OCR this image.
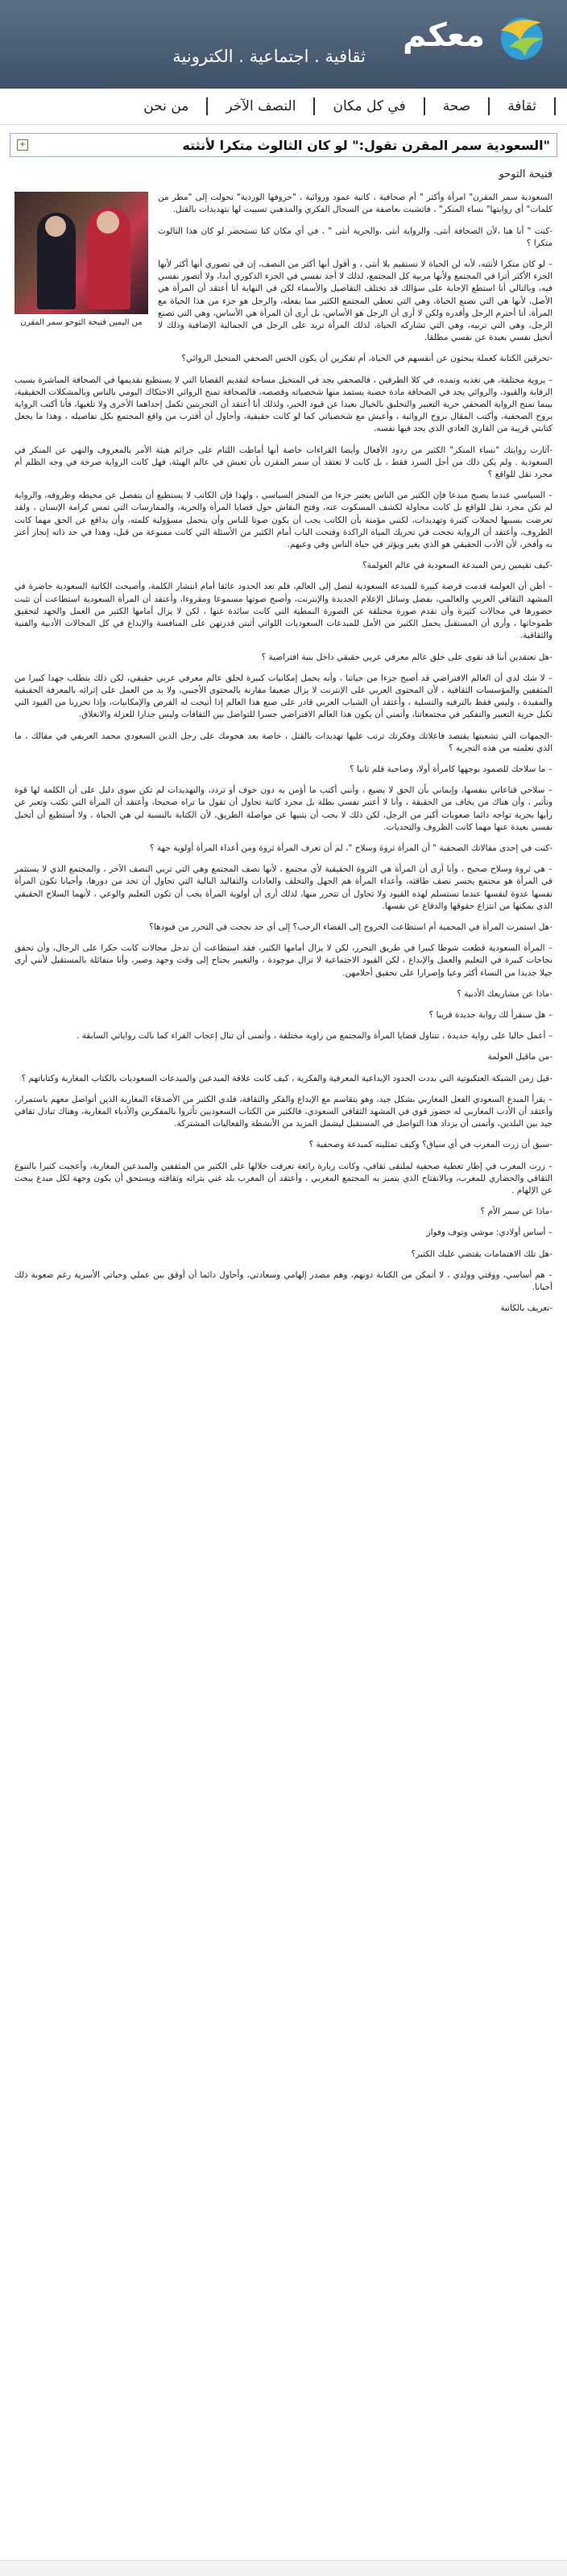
معكم
ثقافية . اجتماعية . الكترونية
ثقافة
صحة
في كل مكان
النصف الآخر
من نحن
السعودية سمر المقرن تقول:" لو كان الثالوث متكرا لأنثته"
+
فتيحة التوحو
من اليمين فتيحة التوحو سمر المقرن

السعودية سمر المقرن" امرأة وأكثر " أم صحافية ، كاتبة عمود وروائية ، "حروفها الوردية" تحولت إلى "مطر من كلمات" أي روايتها" نساء المنكر" ، فاتشبت بعاصفة من السجال الفكري والمذهبي تسببت لها بتهديدات بالقتل.

-كنت " أنا هنا ،لأن الصحافة أنثى، والرواية أنثى ،والحرية أنثى " ، في أي مكان كنا تستحضر لو كان هذا الثالوث متكرا ؟

– لو كان متكرا لأنثته، لأنه لن الحياة لا تستقيم بلا أنثى ، و أقول أنها أكثر من النصف، إن في تصوري أنها أكثر لأنها الجزء الأكثر أثرا في المجتمع ولأنها مربية كل المجتمع، لذلك لا أجد نفسي في الجزء الذكوري أبدا، ولا أتصور نفسي فيه، وبالتالي أنا استطع الإجابة على سؤالك قد تختلف التفاصيل والأسماء لكن في النهاية أنا أعتقد أن المرأة هي الأصل، لأنها هي التي تصنع الحياة، وهي التي تعطي المجتمع الكثير مما يفعله، والرجل هو جزء من هذا الحياة مع المرأة، أنا أحترم الرجل وأقدره ولكن لا أرى أن الرجل هو الأساس، بل أرى أن المرأة هي الأساس، وهي التي تصنع الرجل، وهي التي تربيه، وهي التي تشاركه الحياة، لذلك المرأة تريد على الرجل في الجمالية الإضافية وذلك لا أتخيل نفسي بعيدة عن نفسي مطلقا.

-تحرقين الكتابة كعملة يبحثون عن أنفسهم في الحياة، أم تفكرين أن يكون الحس الصحفي المتخيل الروائي؟

– يروية مختلفة، هي تغذيه وتمده، في كلا الطرفين ، فالصحفي يجد في المتخيل مساحة لتقديم القضايا التي لا يستطيع تقديمها في الصحافة المباشرة بسبب الرقابة والقيود، والروائي يجد في الصحافة مادة خصبة يستمد منها شخصياته وقصصه، فالصحافة تمنح الروائي الاحتكاك اليومي بالناس وبالمشكلات الحقيقية، بينما تمنح الرواية الصحفي حرية التعبير والتحليق بالخيال بعيدا عن قيود الخبر، ولذلك أنا أعتقد أن التجربتين تكمل إحداهما الأخرى ولا تلغيها، فأنا أكتب الرواية بروح الصحفية، وأكتب المقال بروح الروائية ، وأعيش مع شخصياتي كما لو كانت حقيقية، وأحاول أن أقترب من واقع المجتمع بكل تفاصيله ، وهذا ما يجعل كتابتي قريبة من القارئ العادي الذي يجد فيها نفسه.

-آثارت روايتك "نساء المنكر" الكثير من ردود الأفعال وأيضا القراءات خاصة أنها أماطت اللثام على جرائم هيئة الأمر بالمعروف والنهي عن المنكر في السعودية . ولم يكن ذلك من أجل السرد فقط ، بل كانت لا تعتقد أن سمر المقرن بأن تعيش في عالم الهيئة، فهل كانت الرواية صرخة في وجه الظلم أم مجرد نقل للواقع ؟

– السياسي عندما يصبح مبدعا فإن الكثير من الناس يعتبر جزءا من المنجز السياسي ، ولهذا فإن الكاتب لا يستطيع أن ينفصل عن محيطه وظروفه، والرواية لم تكن مجرد نقل للواقع بل كانت محاولة لكشف المسكوت عنه، وفتح النقاش حول قضايا المرأة والحرية، والممارسات التي تمس كرامة الإنسان ، ولقد تعرضت بسببها لحملات كثيرة وتهديدات، لكنني مؤمنة بأن الكاتب يجب أن يكون صوتا للناس وأن يتحمل مسؤولية كلمته، وأن يدافع عن الحق مهما كانت الظروف، وأعتقد أن الرواية نجحت في تحريك المياه الراكدة وفتحت الباب أمام الكثير من الأسئلة التي كانت ممنوعة من قبل، وهذا في حد ذاته إنجاز أعتز به وأفخر، لأن الأدب الحقيقي هو الذي يغير ويؤثر في حياة الناس وفي وعيهم.

-كيف تقيمين زمن المبدعة السعودية في عالم العولمة؟

– أظن أن العولمة قدمت فرصة كبيرة للمبدعة السعودية لتصل إلى العالم، فلم تعد الحدود عائقا أمام انتشار الكلمة، وأصبحت الكاتبة السعودية حاضرة في المشهد الثقافي العربي والعالمي، بفضل وسائل الإعلام الجديدة والإنترنت، وأصبح صوتها مسموعا ومقروءا، وأعتقد أن المرأة السعودية استطاعت أن تثبت حضورها في مجالات كثيرة وأن تقدم صورة مختلفة عن الصورة النمطية التي كانت سائدة عنها ، لكن لا يزال أمامها الكثير من العمل والجهد لتحقيق طموحاتها ، وأرى أن المستقبل يحمل الكثير من الأمل للمبدعات السعوديات اللواتي أثبتن قدرتهن على المنافسة والإبداع في كل المجالات الأدبية والفنية والثقافية.

-هل تعتقدين أننا قد نقوى على خلق عالم معرفي عربي حقيقي داخل بنية افتراضية ؟

– لا شك لدي أن العالم الافتراضي قد أصبح جزءا من حياتنا ، وأنه يحمل إمكانيات كبيرة لخلق عالم معرفي عربي حقيقي، لكن ذلك يتطلب جهدا كبيرا من المثقفين والمؤسسات الثقافية ، لأن المحتوى العربي على الإنترنت لا يزال ضعيفا مقارنة بالمحتوى الأجنبي، ولا بد من العمل على إثرائه بالمعرفة الحقيقية والمفيدة ، وليس فقط بالترفيه والتسلية ، وأعتقد أن الشباب العربي قادر على صنع هذا العالم إذا أتيحت له الفرص والإمكانيات، وإذا تحررنا من القيود التي تكبل حرية التعبير والتفكير في مجتمعاتنا، وأتمنى أن يكون هذا العالم الافتراضي جسرا للتواصل بين الثقافات وليس جدارا للعزلة والانغلاق.

-الجمهات التي تشعبتها يقتصد فاعلاتك وفكرتك ترتب عليها تهديدات بالقتل ، خاصة بعد هجومك على رجل الدين السعودي محمد العريفي في مقالك ، ما الذي تعلمته من هذه التجربة ؟

– ما سلاحك للصمود بوجهها كامرأة أولا، وصاحبة قلم ثانيا ؟

– سلاحي قناعاتي بنفسها، وإيماني بأن الحق لا يضيع ، وأنني أكتب ما أؤمن به دون خوف أو تردد، والتهديدات لم تكن سوى دليل على أن الكلمة لها قوة وتأثير ، وأن هناك من يخاف من الحقيقة ، وأنا لا أعتبر نفسي بطلة بل مجرد كاتبة تحاول أن تقول ما تراه صحيحا، وأعتقد أن المرأة التي تكتب وتعبر عن رأيها بحرية تواجه دائما صعوبات أكبر من الرجل، لكن ذلك لا يجب أن يثنيها عن مواصلة الطريق، لأن الكتابة بالنسبة لي هي الحياة ، ولا أستطيع أن أتخيل نفسي بعيدة عنها مهما كانت الظروف والتحديات.

-كنت في إحدى مقالاتك الصحفية " أن المرأة ثروة وسلاح "، لم أن تعرف المرأة ثروة ومن أعداء المرأة أولوية جهة ؟

– هي ثروة وسلاح صحيح ، وأنا أرى أن المرأة هي الثروة الحقيقية لأي مجتمع ، لأنها نصف المجتمع وهي التي تربي النصف الآخر ، والمجتمع الذي لا يستثمر في المرأة هو مجتمع يخسر نصف طاقته، وأعداء المرأة هم الجهل والتخلف والعادات والتقاليد البالية التي تحاول أن تحد من دورها، وأحيانا تكون المرأة نفسها عدوة لنفسها عندما تستسلم لهذه القيود ولا تحاول أن تتحرر منها، لذلك أرى أن أولوية المرأة يجب أن تكون التعليم والوعي ، لأنهما السلاح الحقيقي الذي يمكنها من انتزاع حقوقها والدفاع عن نفسها.

-هل استمرت المرأة في المحمية أم استطاعت الخروج إلى الفضاء الرحب؟ إلى أي حد نجحت في التحرر من قيودها؟

– المرأة السعودية قطعت شوطا كبيرا في طريق التحرر، لكن لا يزال أمامها الكثير، فقد استطاعت أن تدخل مجالات كانت حكرا على الرجال، وأن تحقق نجاحات كبيرة في التعليم والعمل والإبداع ، لكن القيود الاجتماعية لا تزال موجودة ، والتغيير يحتاج إلى وقت وجهد وصبر، وأنا متفائلة بالمستقبل لأنني أرى جيلا جديدا من النساء أكثر وعيا وإصرارا على تحقيق أحلامهن.

-ماذا عن مشاريعك الأدبية ؟

– هل سنقرأ لك رواية جديدة قريبا ؟

– أعمل حاليا على رواية جديدة ، تتناول قضايا المرأة والمجتمع من زاوية مختلفة ، وأتمنى أن تنال إعجاب القراء كما نالت رواياتي السابقة .

-من ماقيل العولمة

-قيل زمن الشبكة العنكبوتية التي بددت الحدود الإبداعية المعرفية والفكرية ، كيف كانت علاقة المبدعين والمبدعات السعوديات بالكتاب المغاربة وكتاباتهم ؟

– يقرأ المبدع السعودي الفعل المغاربي بشكل جيد، وهو يتقاسم مع الإبداع والفكر والثقافة، فلدي الكثير من الأصدقاء المغاربة الذين أتواصل معهم باستمرار، وأعتقد أن الأدب المغاربي له حضور قوي في المشهد الثقافي السعودي، فالكثير من الكتاب السعوديين تأثروا بالمفكرين والأدباء المغاربة، وهناك تبادل ثقافي جيد بين البلدين، وأتمنى أن يزداد هذا التواصل في المستقبل ليشمل المزيد من الأنشطة والفعاليات المشتركة.

-سبق أن زرت المغرب في أي سياق؟ وكيف تمثلينه كمبدعة وصحفية ؟

– زرت المغرب في إطار تغطية صحفية لملتقى ثقافي، وكانت زيارة رائعة تعرفت خلالها على الكثير من المثقفين والمبدعين المغاربة، وأعجبت كثيرا بالتنوع الثقافي والحضاري للمغرب، وبالانفتاح الذي يتميز به المجتمع المغربي ، وأعتقد أن المغرب بلد غني بتراثه وثقافته ويستحق أن يكون وجهة لكل مبدع يبحث عن الإلهام .

-ماذا عن سمر الأم ؟

– أساس أولادي: موشي وتوف وفواز

-هل تلك الاهتمامات يقتضي عليك الكثير؟

– هم أساسي، ووقتي وولدي ، لا أتمكن من الكتابة دونهم، وهم مصدر إلهامي وسعادتي، وأحاول دائما أن أوفق بين عملي وحياتي الأسرية رغم صعوبة ذلك أحيانا.

-تعريف بالكاتبة
